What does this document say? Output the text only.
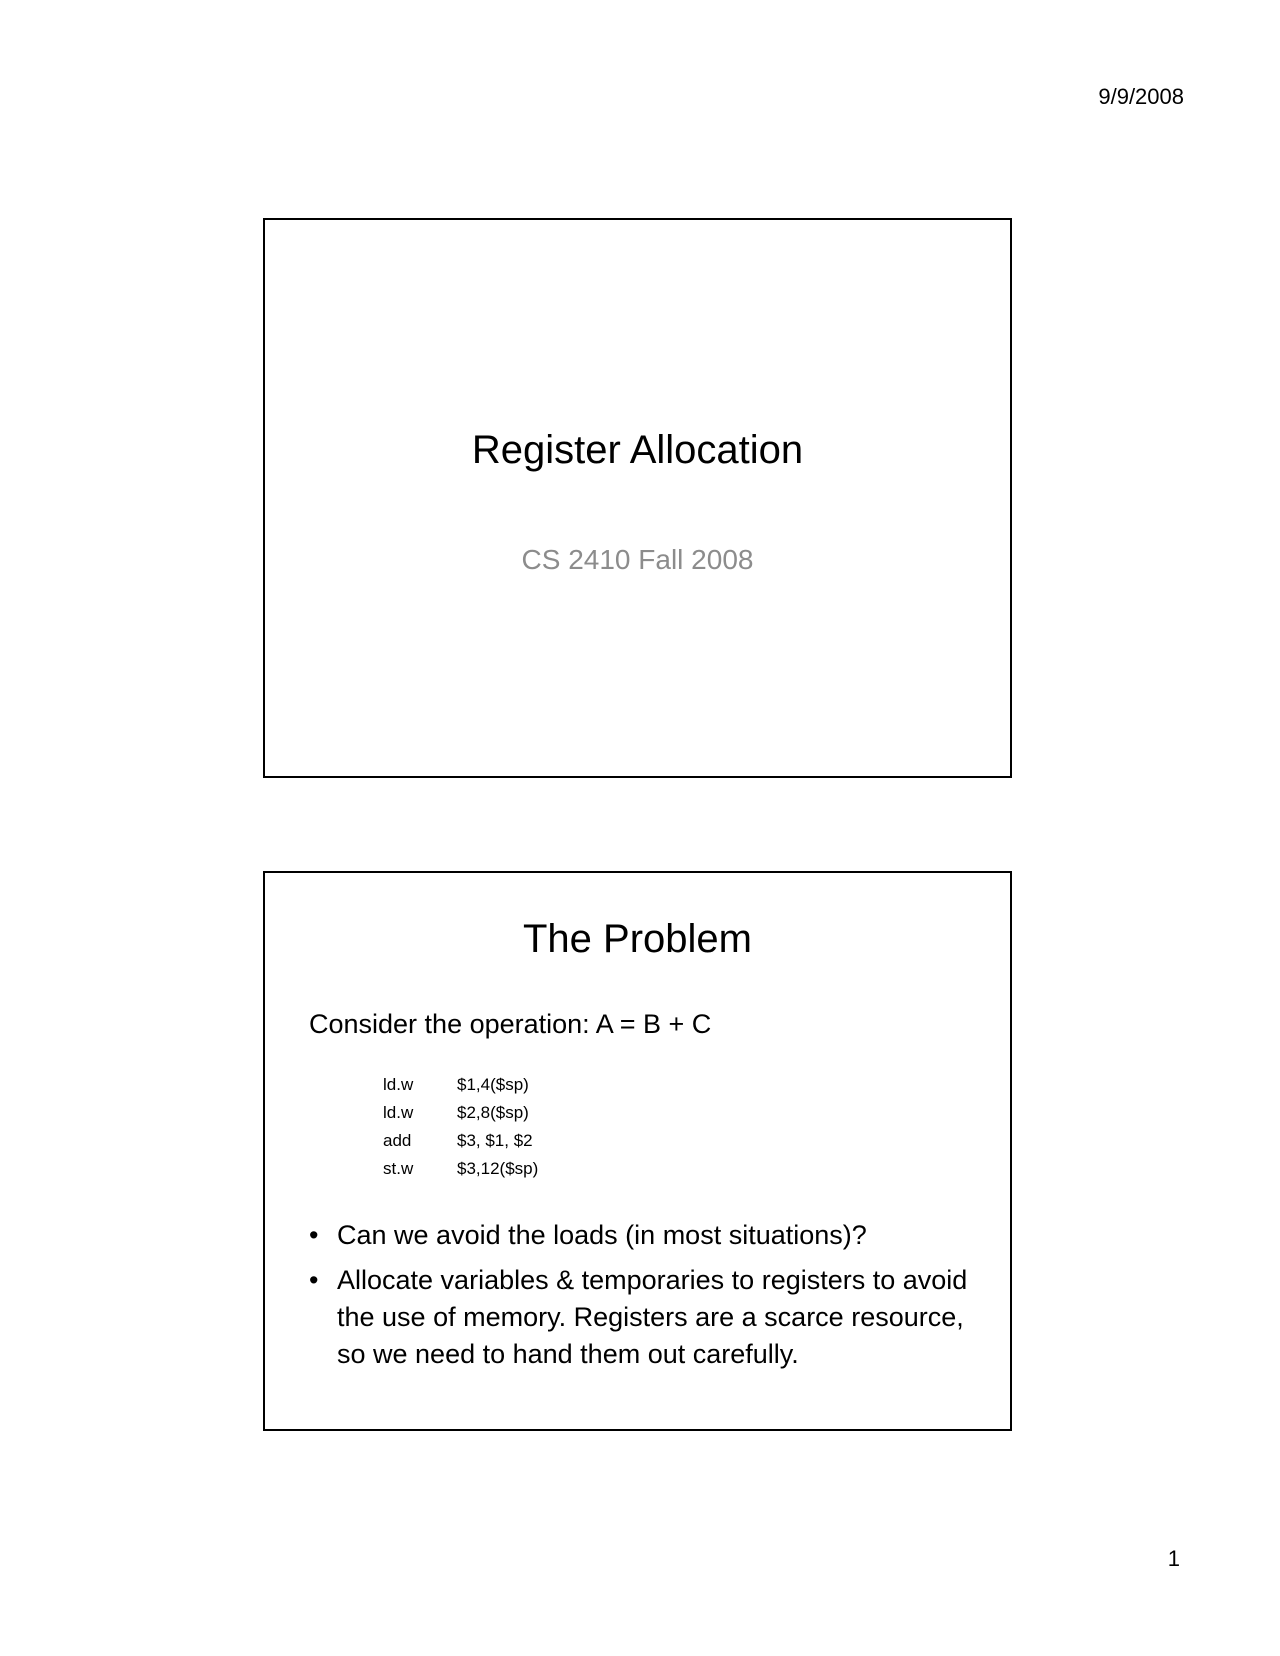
9/9/2008
Register Allocation
CS 2410 Fall 2008
The Problem
Consider the operation: A = B + C
ld.w	$1,4($sp)
ld.w	$2,8($sp)
add	$3, $1, $2
st.w	$3,12($sp)
• Can we avoid the loads (in most situations)?
• Allocate variables & temporaries to registers to avoid the use of memory. Registers are a scarce resource, so we need to hand them out carefully.
1
